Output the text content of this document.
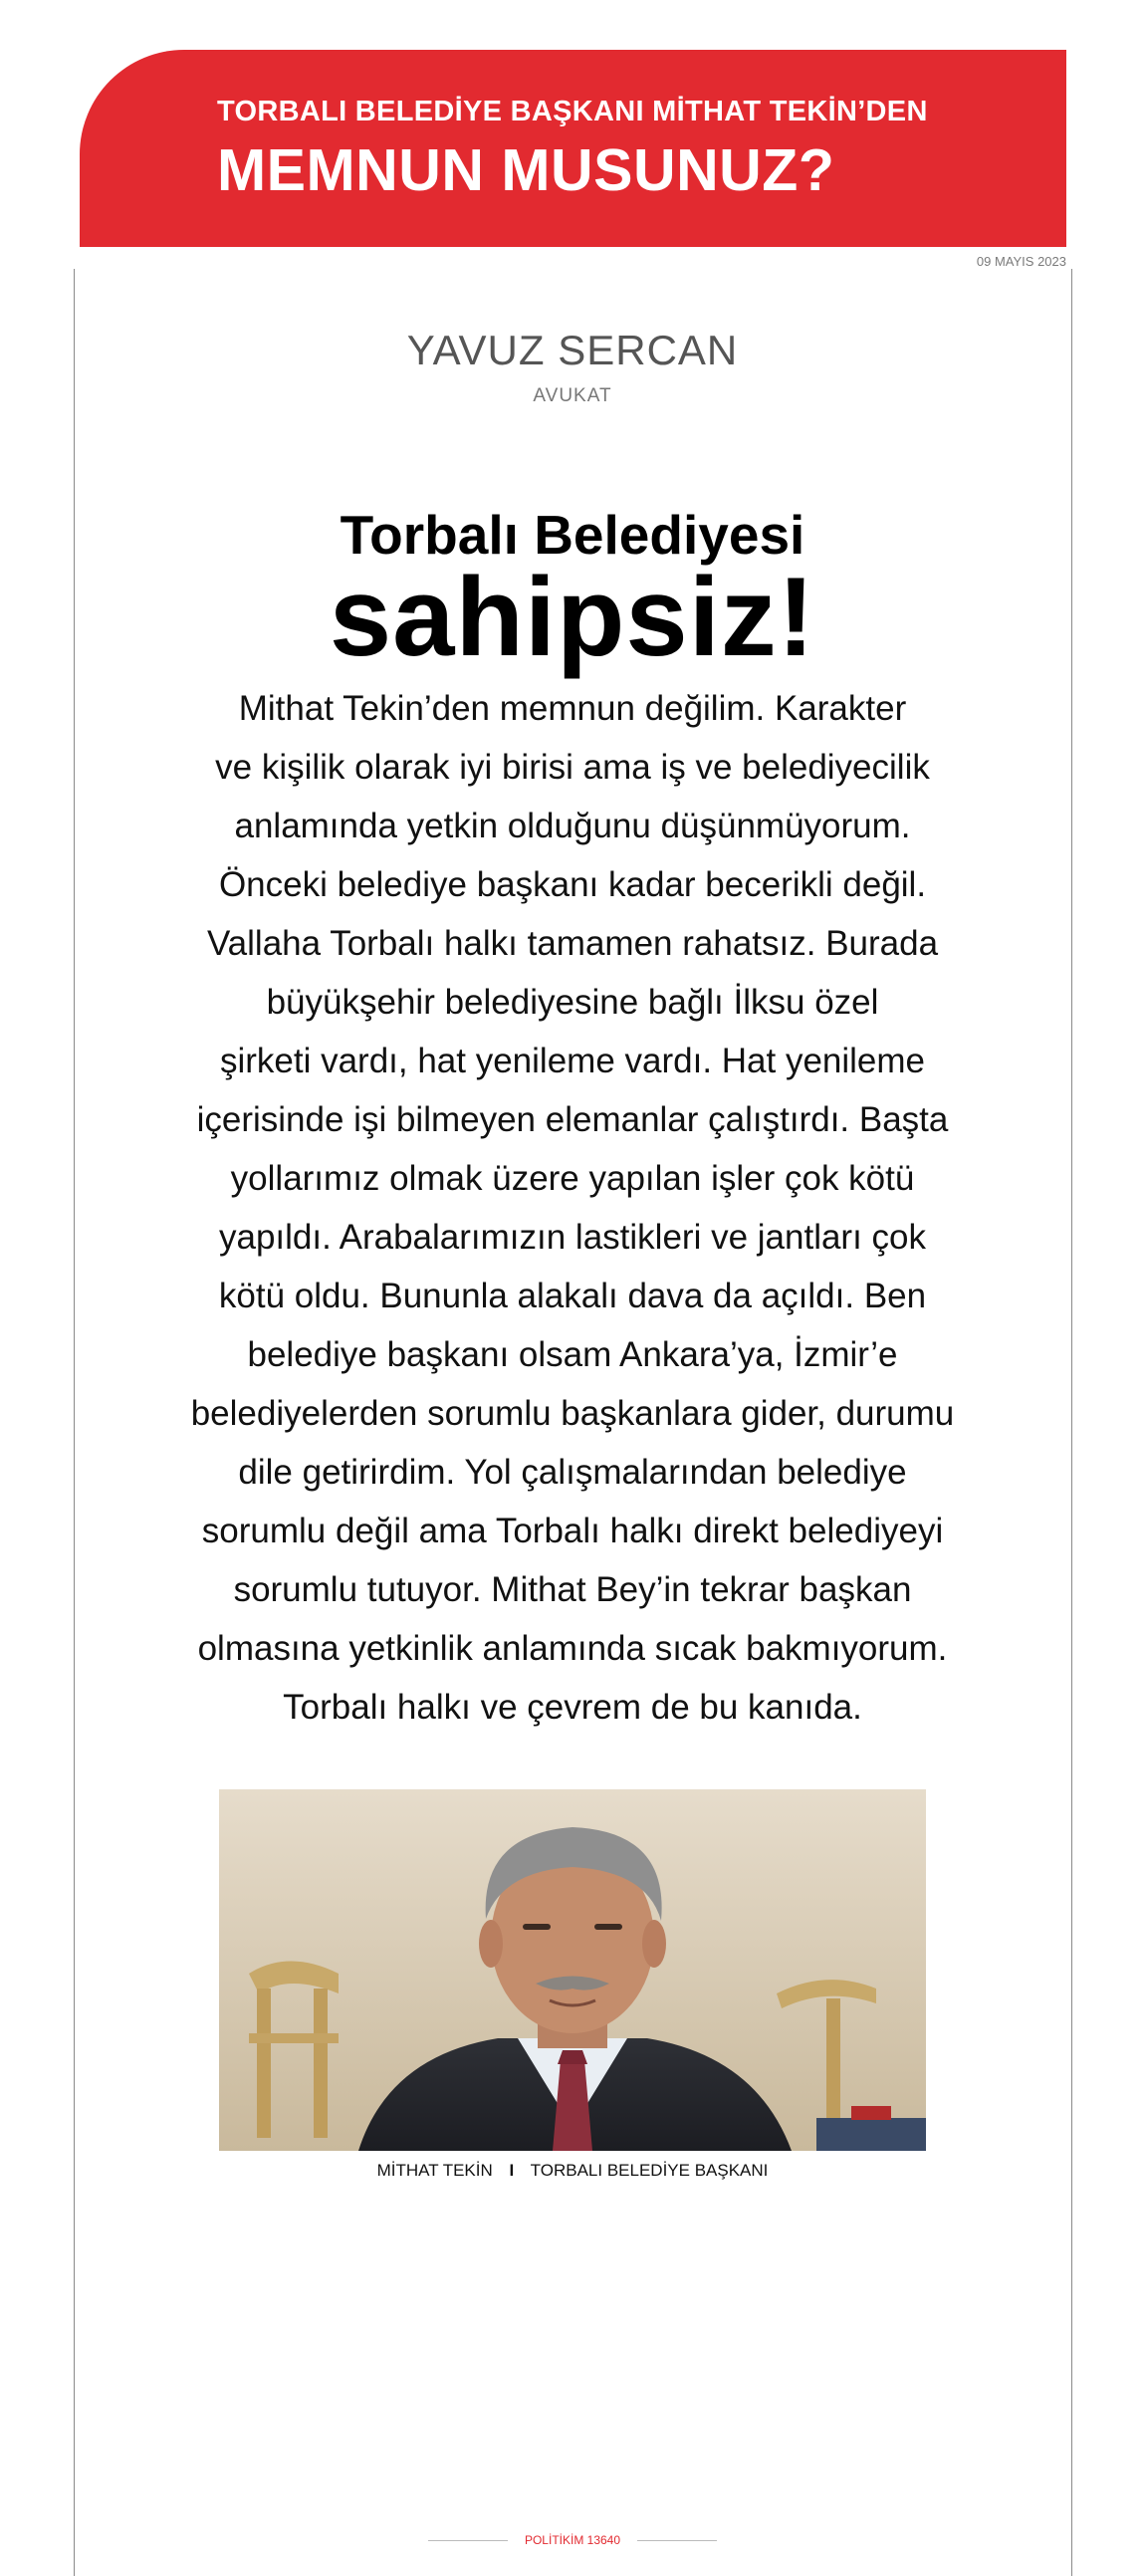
TORBALI BELEDİYE BAŞKANI MİTHAT TEKİN’DEN
MEMNUN MUSUNUZ?
09 MAYIS 2023
YAVUZ SERCAN
AVUKAT
Torbalı Belediyesi
sahipsiz!
Mithat Tekin’den memnun değilim. Karakter
ve kişilik olarak iyi birisi ama iş ve belediyecilik
anlamında yetkin olduğunu düşünmüyorum.
Önceki belediye başkanı kadar becerikli değil.
Vallaha Torbalı halkı tamamen rahatsız. Burada
büyükşehir belediyesine bağlı İlksu özel
şirketi vardı, hat yenileme vardı. Hat yenileme
içerisinde işi bilmeyen elemanlar çalıştırdı. Başta
yollarımız olmak üzere yapılan işler çok kötü
yapıldı. Arabalarımızın lastikleri ve jantları çok
kötü oldu. Bununla alakalı dava da açıldı. Ben
belediye başkanı olsam Ankara’ya, İzmir’e
belediyelerden sorumlu başkanlara gider, durumu
dile getirirdim. Yol çalışmalarından belediye
sorumlu değil ama Torbalı halkı direkt belediyeyi
sorumlu tutuyor. Mithat Bey’in tekrar başkan
olmasına yetkinlik anlamında sıcak bakmıyorum.
Torbalı halkı ve çevrem de bu kanıda.
MİTHAT TEKİN I TORBALI BELEDİYE BAŞKANI
POLİTİKİM 13640
